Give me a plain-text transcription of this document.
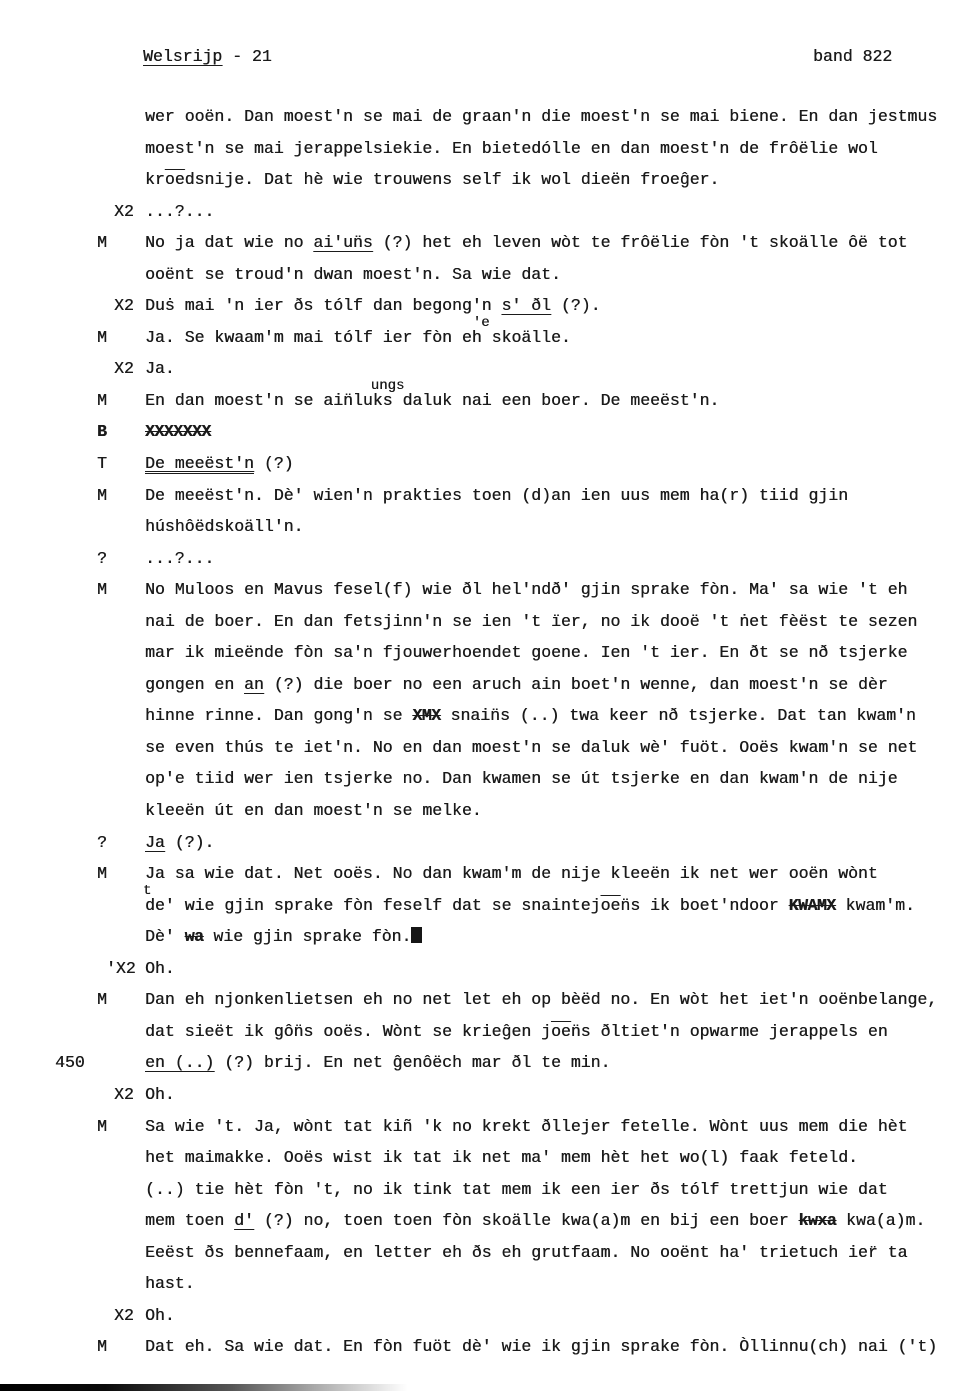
Welsrijp - 21	band 822
wer ooën. Dan moest'n se mai de graan'n die moest'n se mai biene. En dan jestmus
moest'n se mai jerappelsiekie. En bietedólle en dan moest'n de frôëlie wol
$kr\overline{oe}dsnije$. Dat hè wie trouwens self ik wol dieën froeĝer.
X2 ...?...
M No ja dat wie no ai'un̈s (?) het eh leven wòt te frôëlie fòn 't skoälle ôë tot
ooënt se troud'n dwan moest'n. Sa wie dat.
X2 Duṡ mai 'n ier ðs tólf dan begong'n s' ðl (?).
M Ja. Se kwaam'm mai tólf ier fòn eh
'e
skoälle.
X2 Ja.
M En dan moest'n se ain̈luks
ungs
daluk nai een boer. De meeëst'n.
B XXXXXXX
T De meeëst'n (?)
M De meeëst'n. Dè' wien'n prakties toen (d)an ien uus mem ha(r) tiid gjin
húshôëdskoäll'n.
? ...?...
M No Muloos en Mavus fesel(f) wie ðl hel'ndð' gjin sprake fòn. Ma' sa wie 't eh
nai de boer. En dan fetsjinn'n se ien 't ïer, no ik dooë 't ṅet fèëst te sezen
mar ik mieënde fòn sa'n fjouwerhoendet goene. Ien 't ier. En ðt se nð tsjerke
gongen en an (?) die boer no een aruch ain boet'n wenne, dan moest'n se dèr
hinne rinne. Dan gong'n se XMX snain̈s (..) twa keer nð tsjerke. Dat tan kwam'n
se even thús te iet'n. No en dan moest'n se daluk wè' fuöt. Ooës kwam'n se net
op'e tiid wer ien tsjerke no. Dan kwamen se út tsjerke en dan kwam'n de nije
kleeën út en dan moest'n se melke.
? Ja (?).
M Ja sa wie dat. Net ooës. No dan kwam'm de nije kleeën ik net wer ooën wònt
de'
t
wie gjin sprake fòn feself dat se $snaintej\overline{oe}n̈s$ ik boet'ndoor KWAMX kwam'm.
Dè' wa wie gjin sprake fòn.
'X2 Oh.
M Dan eh njonkenlietsen eh no net let eh op bèëd no. En wòt het iet'n ooënbelange,
dat sieët ik gôn̈s ooës. Wònt se krieĝen $j\overline{oe}n̈s$ ðltiet'n opwarme jerappels en
450	en (..) (?) brij. En net ĝenôëch mar ðl te min.
X2 Oh.
M Sa wie 't. Ja, wònt tat kiñ 'k no krekt ðllejer fetelle. Wònt uus mem die hèt
het maimakke. Ooës wist ik tat ik net ma' mem hèt het wo(l) faak feteld.
(..) tie hèt fòn 't, no ik tink tat mem ik een ier ðs tólf trettjun wie dat
mem toen d' (?) no, toen toen fòn skoälle kwa(a)m en bij een boer kwxa kwa(a)m.
Eeëst ðs bennefaam, en letter eh ðs eh grutfaam. No ooënt ha' trietuch ier̈ ta
hast.
X2 Oh.
M Dat eh. Sa wie dat. En fòn fuöt dè' wie ik gjin sprake fòn. Òllinnu(ch) nai ('t)
